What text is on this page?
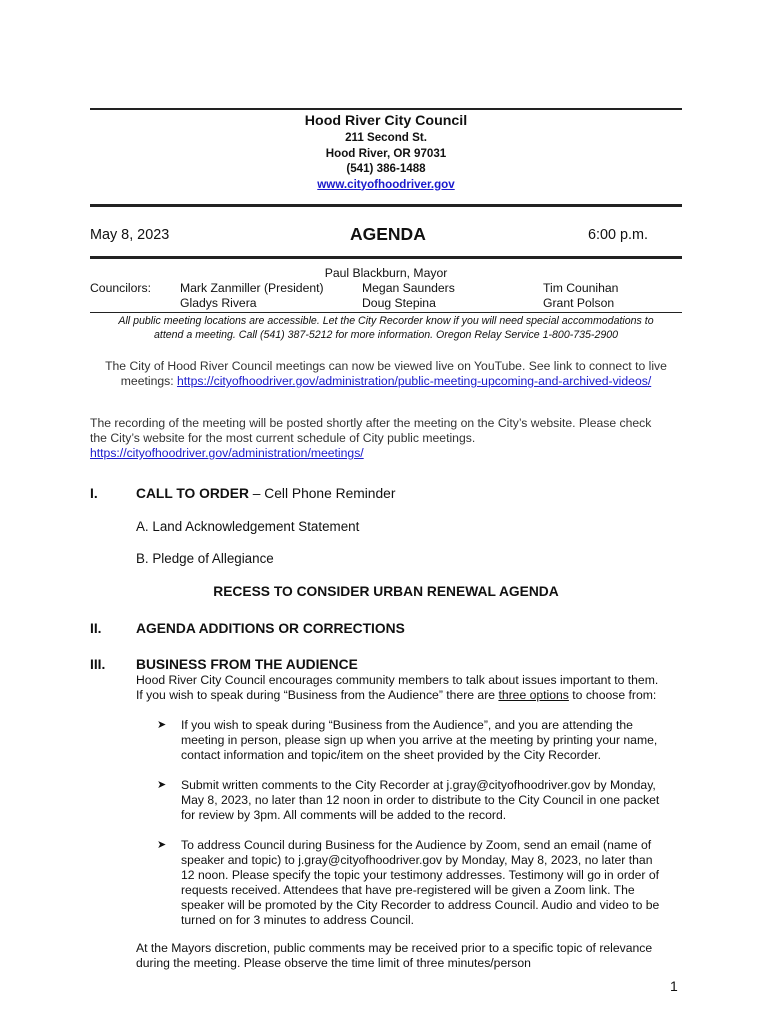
Hood River City Council
211 Second St.
Hood River, OR 97031
(541) 386-1488
www.cityofhoodriver.gov
May 8, 2023	AGENDA	6:00 p.m.
Paul Blackburn, Mayor
Councilors: Mark Zanmiller (President)	Megan Saunders	Tim Counihan
Gladys Rivera	Doug Stepina	Grant Polson
All public meeting locations are accessible. Let the City Recorder know if you will need special accommodations to
attend a meeting. Call (541) 387-5212 for more information. Oregon Relay Service 1-800-735-2900
The City of Hood River Council meetings can now be viewed live on YouTube. See link to connect to live
meetings: https://cityofhoodriver.gov/administration/public-meeting-upcoming-and-archived-videos/
The recording of the meeting will be posted shortly after the meeting on the City’s website. Please check
the City’s website for the most current schedule of City public meetings.
https://cityofhoodriver.gov/administration/meetings/
I.	CALL TO ORDER – Cell Phone Reminder
A. Land Acknowledgement Statement
B. Pledge of Allegiance
RECESS TO CONSIDER URBAN RENEWAL AGENDA
II.	AGENDA ADDITIONS OR CORRECTIONS
III. BUSINESS FROM THE AUDIENCE
Hood River City Council encourages community members to talk about issues important to them.
If you wish to speak during “Business from the Audience” there are three options to choose from:
➤ If you wish to speak during “Business from the Audience”, and you are attending the
meeting in person, please sign up when you arrive at the meeting by printing your name,
contact information and topic/item on the sheet provided by the City Recorder.
➤ Submit written comments to the City Recorder at j.gray@cityofhoodriver.gov by Monday,
May 8, 2023, no later than 12 noon in order to distribute to the City Council in one packet
for review by 3pm. All comments will be added to the record.
➤ To address Council during Business for the Audience by Zoom, send an email (name of
speaker and topic) to j.gray@cityofhoodriver.gov by Monday, May 8, 2023, no later than
12 noon. Please specify the topic your testimony addresses. Testimony will go in order of
requests received. Attendees that have pre-registered will be given a Zoom link. The
speaker will be promoted by the City Recorder to address Council. Audio and video to be
turned on for 3 minutes to address Council.
At the Mayors discretion, public comments may be received prior to a specific topic of relevance
during the meeting. Please observe the time limit of three minutes/person
1
